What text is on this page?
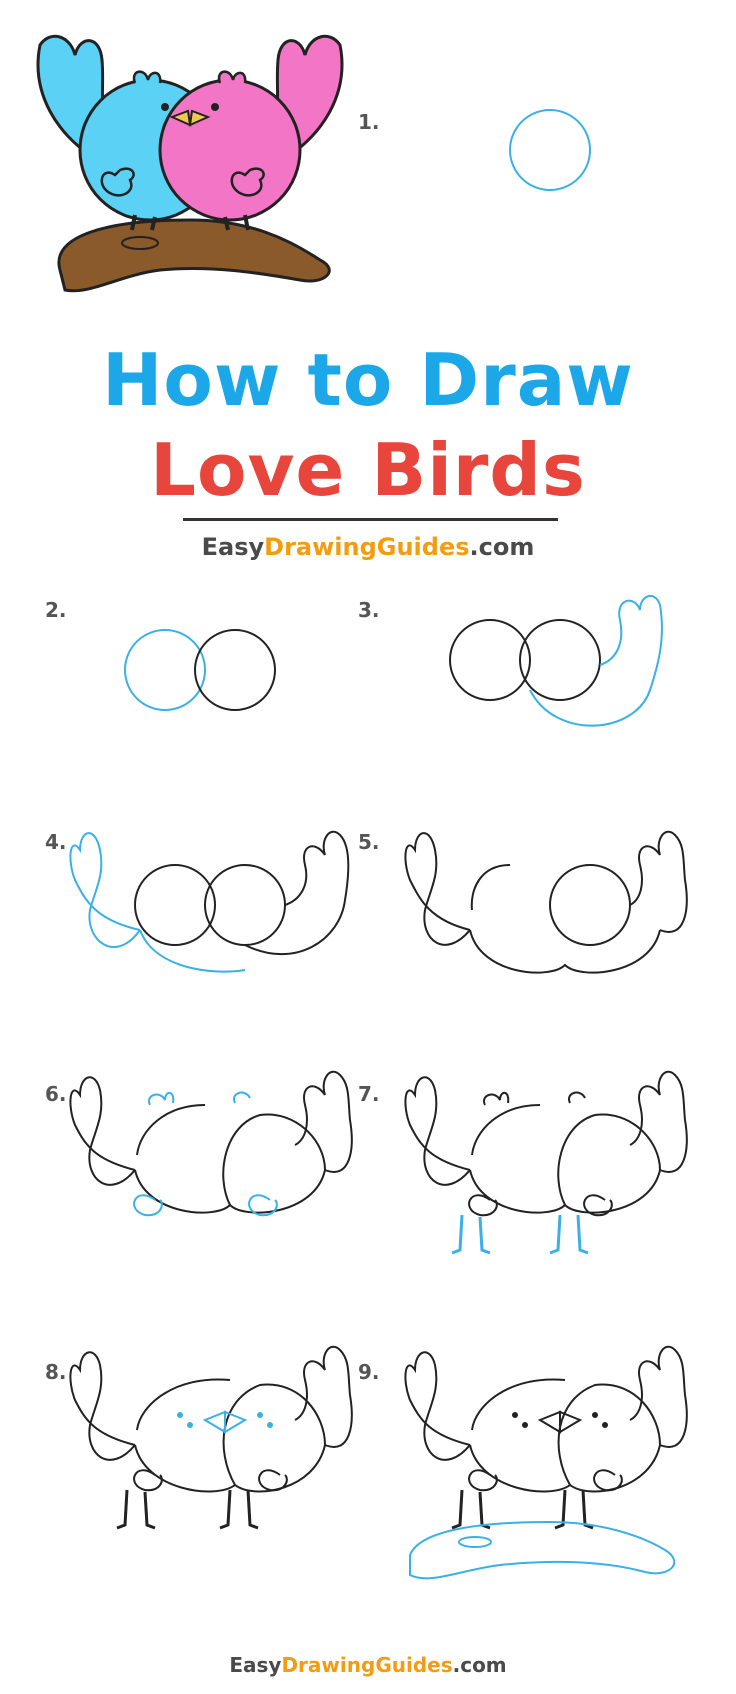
1.
How to Draw
Love Birds
EasyDrawingGuides.com
2.	3.
4.	5.
6.	7.
8.	9.
EasyDrawingGuides.com
